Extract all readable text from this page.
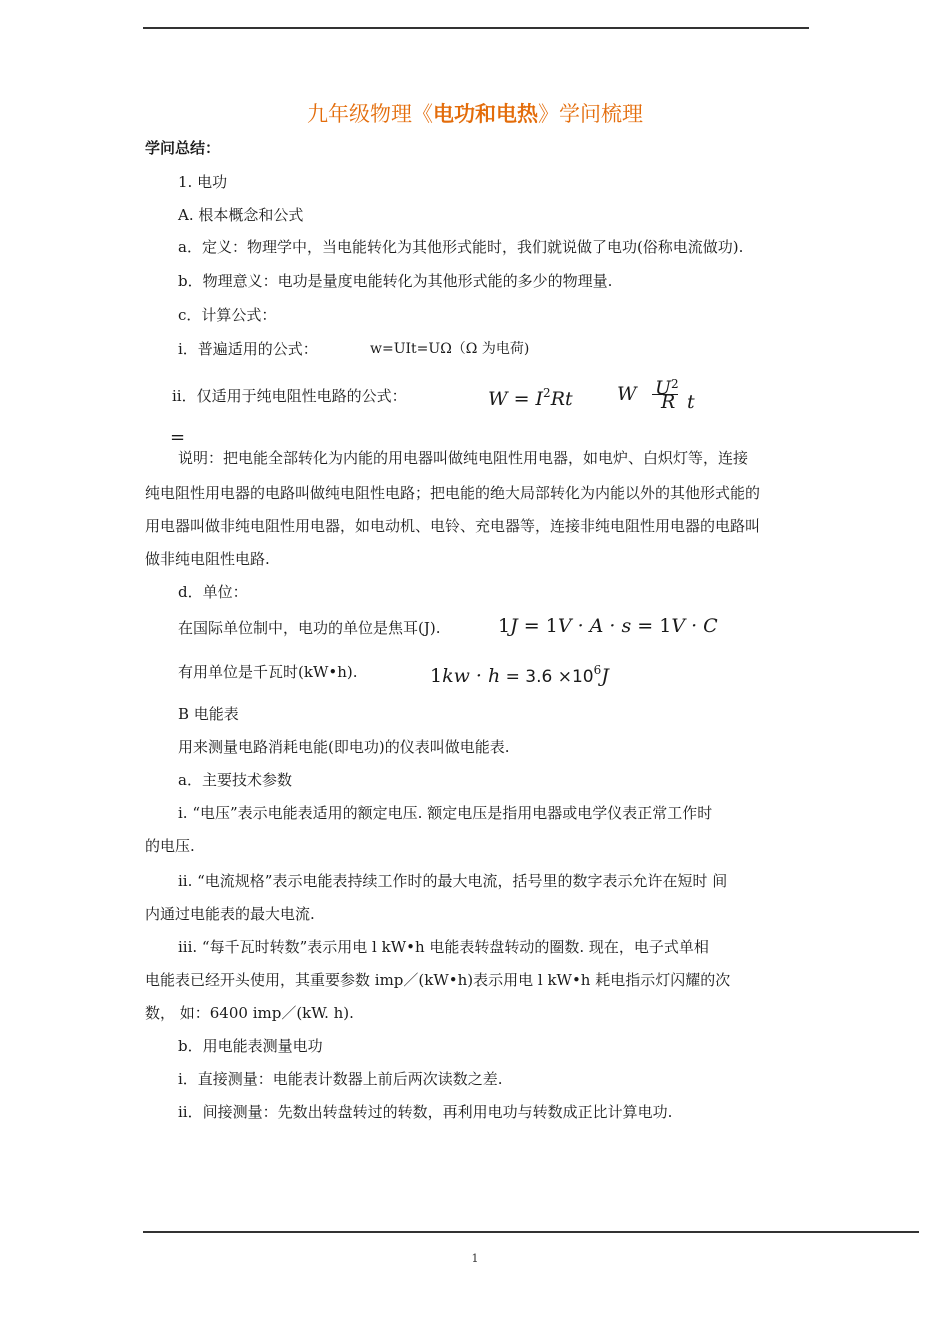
九年级物理《电功和电热》学问梳理
学问总结：
1. 电功
A. 根本概念和公式
a．定义：物理学中，当电能转化为其他形式能时，我们就说做了电功(俗称电流做功).
b．物理意义：电功是量度电能转化为其他形式能的多少的物理量.
c．计算公式：
i．普遍适用的公式：	w=UIt=UΩ（Ω 为电荷)
ii．仅适用于纯电阻性电路的公式：	$W = I^2Rt$ W $U^2$
R t
=
说明：把电能全部转化为内能的用电器叫做纯电阻性用电器，如电炉、白炽灯等，连接
纯电阻性用电器的电路叫做纯电阻性电路；把电能的绝大局部转化为内能以外的其他形式能的
用电器叫做非纯电阻性用电器，如电动机、电铃、充电器等，连接非纯电阻性用电器的电路叫
做非纯电阻性电路.
d．单位：
在国际单位制中，电功的单位是焦耳(J).	1J = 1V · A · s = 1V · C
有用单位是千瓦时(kW•h).	$1kw \cdot h = 3.6 \times 10^6J$
B 电能表
用来测量电路消耗电能(即电功)的仪表叫做电能表.
a．主要技术参数
i. “电压”表示电能表适用的额定电压. 额定电压是指用电器或电学仪表正常工作时
的电压.
ii. “电流规格”表示电能表持续工作时的最大电流，括号里的数字表示允许在短时 间
内通过电能表的最大电流.
iii. “每千瓦时转数”表示用电 l kW•h 电能表转盘转动的圈数. 现在，电子式单相
电能表已经开头使用，其重要参数 imp／(kW•h)表示用电 l kW•h 耗电指示灯闪耀的次
数， 如：6400 imp／(kW. h).
b．用电能表测量电功
i．直接测量：电能表计数器上前后两次读数之差.
ii．间接测量：先数出转盘转过的转数，再利用电功与转数成正比计算电功.
1
